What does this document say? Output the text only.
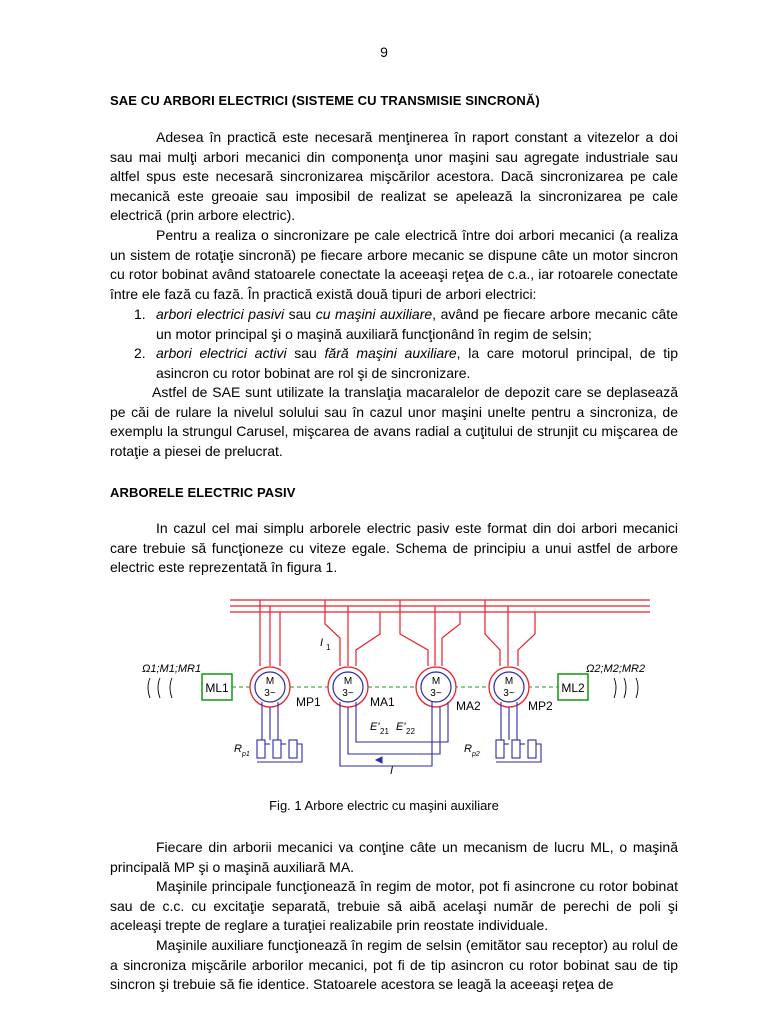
9
SAE CU ARBORI ELECTRICI (SISTEME CU TRANSMISIE SINCRONĂ)

Adesea în practică este necesară menţinerea în raport constant a vitezelor a doi sau mai mulţi arbori mecanici din componenţa unor maşini sau agregate industriale sau altfel spus este necesară sincronizarea mişcărilor acestora. Dacă sincronizarea pe cale mecanică este greoaie sau imposibil de realizat se apelează la sincronizarea pe cale electrică (prin arbore electric).

Pentru a realiza o sincronizare pe cale electrică între doi arbori mecanici (a realiza un sistem de rotaţie sincronă) pe fiecare arbore mecanic se dispune câte un motor sincron cu rotor bobinat având statoarele conectate la aceeaşi reţea de c.a., iar rotoarele conectate între ele fază cu fază. În practică există două tipuri de arbori electrici:

1. arbori electrici pasivi sau cu maşini auxiliare, având pe fiecare arbore mecanic câte un motor principal şi o maşină auxiliară funcţionând în regim de selsin;
2. arbori electrici activi sau fără maşini auxiliare, la care motorul principal, de tip asincron cu rotor bobinat are rol şi de sincronizare.

Astfel de SAE sunt utilizate la translaţia macaralelor de depozit care se deplasează pe căi de rulare la nivelul solului sau în cazul unor maşini unelte pentru a sincroniza, de exemplu la strungul Carusel, mişcarea de avans radial a cuţitului de strunjit cu mişcarea de rotaţie a piesei de prelucrat.

ARBORELE ELECTRIC PASIV

In cazul cel mai simplu arborele electric pasiv este format din doi arbori mecanici care trebuie să funcţioneze cu viteze egale. Schema de principiu a unui astfel de arbore electric este reprezentată în figura 1.

M
3~
M
3~
M
3~
M
3~
ML1	ML2
Ω1;M1;MR1	Ω2;M2;MR2
MP1	MA1	MA2	MP2
I 1
E' 21 E' 22
I
R p1	R p2
Fig. 1 Arbore electric cu maşini auxiliare

Fiecare din arborii mecanici va conţine câte un mecanism de lucru ML, o maşină principală MP şi o maşină auxiliară MA.

Maşinile principale funcţionează în regim de motor, pot fi asincrone cu rotor bobinat sau de c.c. cu excitaţie separată, trebuie să aibă acelaşi număr de perechi de poli şi aceleaşi trepte de reglare a turaţiei realizabile prin reostate individuale.

Maşinile auxiliare funcţionează în regim de selsin (emitător sau receptor) au rolul de a sincroniza mişcările arborilor mecanici, pot fi de tip asincron cu rotor bobinat sau de tip sincron şi trebuie să fie identice. Statoarele acestora se leagă la aceeaşi reţea de
